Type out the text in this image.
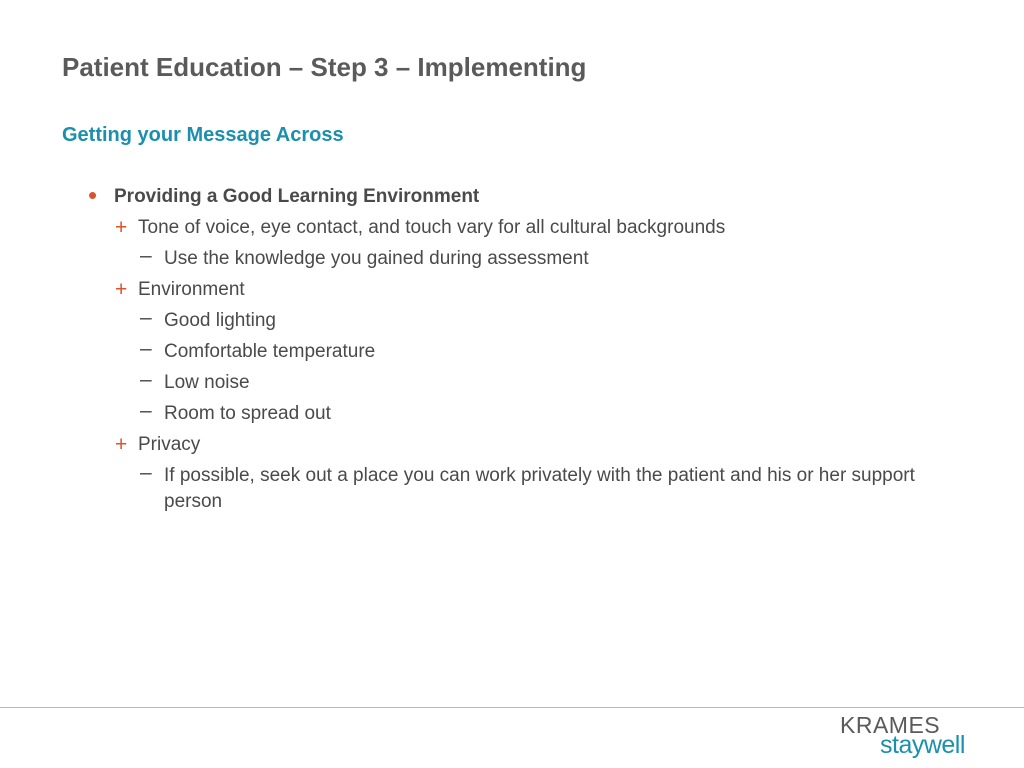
Patient Education – Step 3 – Implementing
Getting your Message Across
• Providing a Good Learning Environment
+ Tone of voice, eye contact, and touch vary for all cultural backgrounds
– Use the knowledge you gained during assessment
+ Environment
– Good lighting
– Comfortable temperature
– Low noise
– Room to spread out
+ Privacy
– If possible, seek out a place you can work privately with the patient and his or her support person
KRAMES
staywell
